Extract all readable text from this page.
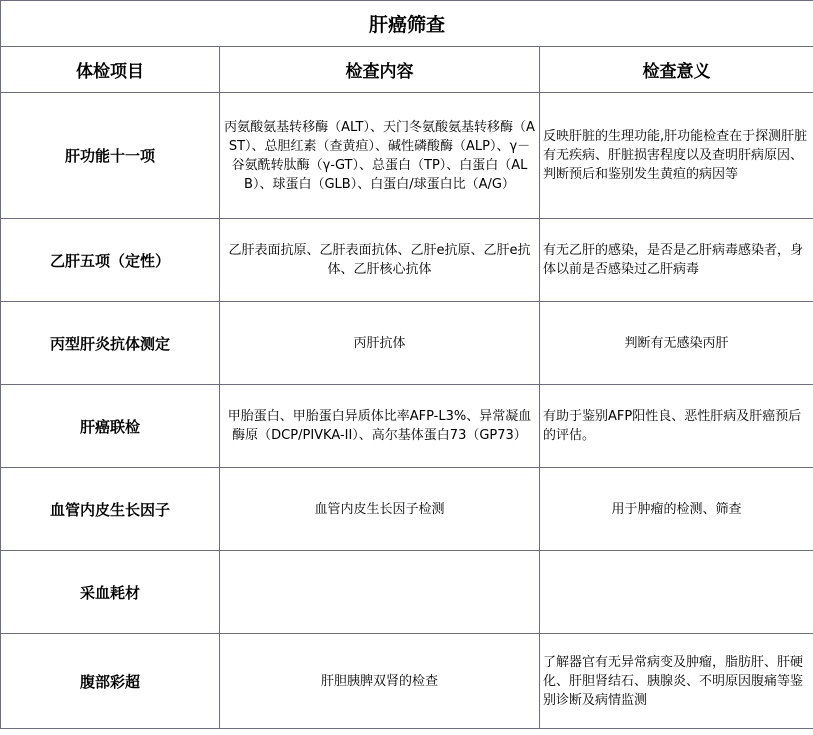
肝癌筛查		
体检项目	检查内容	检查意义
肝功能十一项	丙氨酸氨基转移酶（ALT）、天门冬氨酸氨基转移酶（AST）、总胆红素（查黄疸）、碱性磷酸酶（ALP）、γ－谷氨酰转肽酶（γ-GT）、总蛋白（TP）、白蛋白（ALB）、球蛋白（GLB）、白蛋白/球蛋白比（A/G）	反映肝脏的生理功能,肝功能检查在于探测肝脏有无疾病、肝脏损害程度以及查明肝病原因、判断预后和鉴别发生黄疸的病因等
乙肝五项（定性）	乙肝表面抗原、乙肝表面抗体、乙肝e抗原、乙肝e抗体、乙肝核心抗体	有无乙肝的感染，是否是乙肝病毒感染者，身体以前是否感染过乙肝病毒
丙型肝炎抗体测定	丙肝抗体	判断有无感染丙肝
肝癌联检	甲胎蛋白、甲胎蛋白异质体比率AFP-L3%、异常凝血酶原（DCP/PIVKA-II）、高尔基体蛋白73（GP73）	有助于鉴别AFP阳性良、恶性肝病及肝癌预后的评估。
血管内皮生长因子	血管内皮生长因子检测	用于肿瘤的检测、筛查
采血耗材		
腹部彩超	肝胆胰脾双肾的检查	了解器官有无异常病变及肿瘤，脂肪肝、肝硬化、肝胆肾结石、胰腺炎、不明原因腹痛等鉴别诊断及病情监测
